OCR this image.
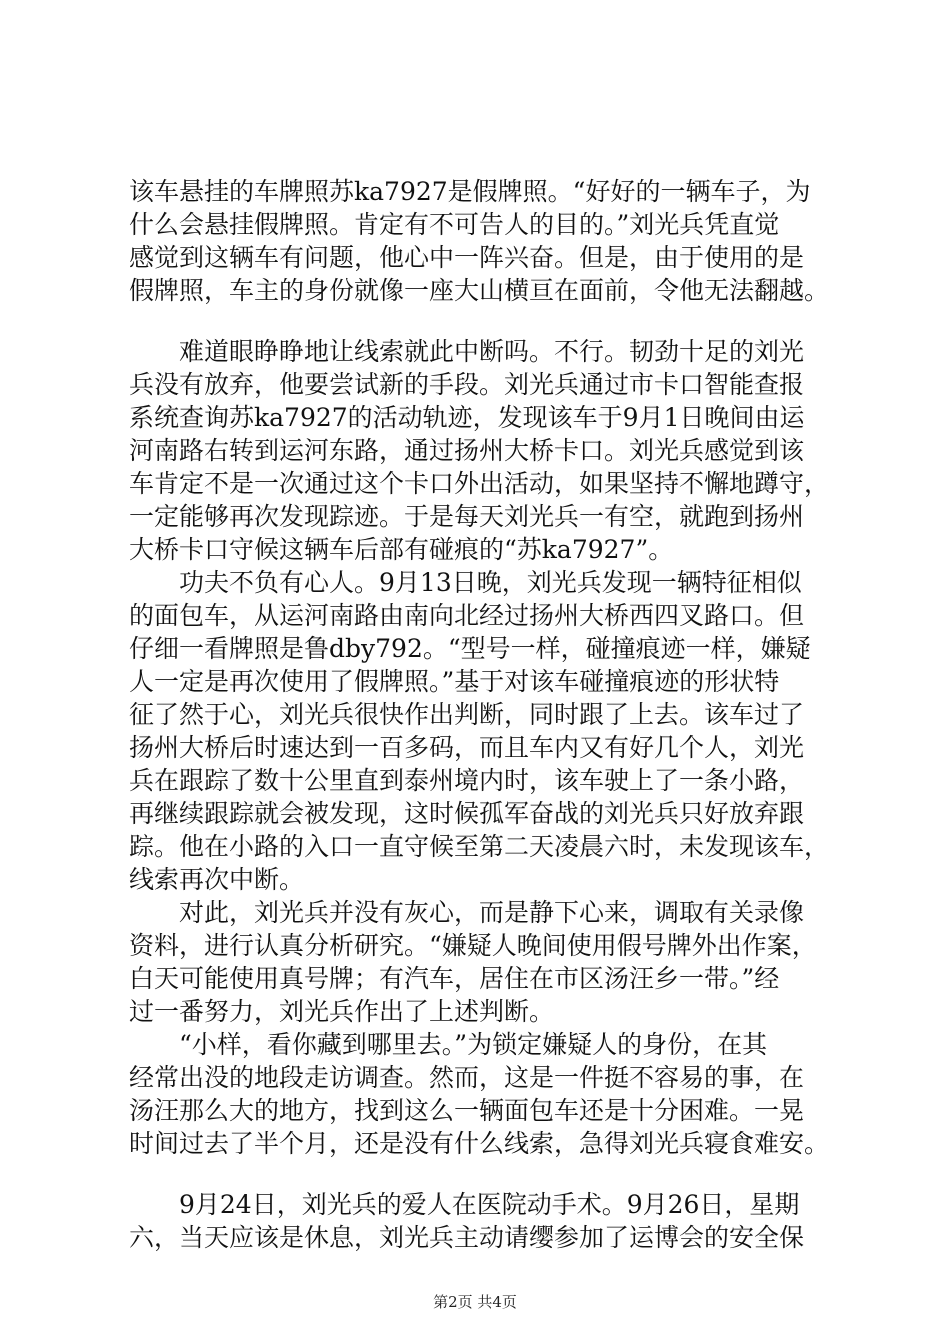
该车悬挂的车牌照苏ka7927是假牌照。“好好的一辆车子，为
什么会悬挂假牌照。肯定有不可告人的目的。”刘光兵凭直觉
感觉到这辆车有问题，他心中一阵兴奋。但是，由于使用的是
假牌照，车主的身份就像一座大山横亘在面前，令他无法翻越。
　　难道眼睁睁地让线索就此中断吗。不行。韧劲十足的刘光
兵没有放弃，他要尝试新的手段。刘光兵通过市卡口智能查报
系统查询苏ka7927的活动轨迹，发现该车于9月1日晚间由运
河南路右转到运河东路，通过扬州大桥卡口。刘光兵感觉到该
车肯定不是一次通过这个卡口外出活动，如果坚持不懈地蹲守，
一定能够再次发现踪迹。于是每天刘光兵一有空，就跑到扬州
大桥卡口守候这辆车后部有碰痕的“苏ka7927”。
　　功夫不负有心人。9月13日晚，刘光兵发现一辆特征相似
的面包车，从运河南路由南向北经过扬州大桥西四叉路口。但
仔细一看牌照是鲁dby792。“型号一样，碰撞痕迹一样，嫌疑
人一定是再次使用了假牌照。”基于对该车碰撞痕迹的形状特
征了然于心，刘光兵很快作出判断，同时跟了上去。该车过了
扬州大桥后时速达到一百多码，而且车内又有好几个人，刘光
兵在跟踪了数十公里直到泰州境内时，该车驶上了一条小路，
再继续跟踪就会被发现，这时候孤军奋战的刘光兵只好放弃跟
踪。他在小路的入口一直守候至第二天凌晨六时，未发现该车，
线索再次中断。
　　对此，刘光兵并没有灰心，而是静下心来，调取有关录像
资料，进行认真分析研究。“嫌疑人晚间使用假号牌外出作案，
白天可能使用真号牌；有汽车，居住在市区汤汪乡一带。”经
过一番努力，刘光兵作出了上述判断。
　　“小样，看你藏到哪里去。”为锁定嫌疑人的身份，在其
经常出没的地段走访调查。然而，这是一件挺不容易的事，在
汤汪那么大的地方，找到这么一辆面包车还是十分困难。一晃
时间过去了半个月，还是没有什么线索，急得刘光兵寝食难安。
　　9月24日，刘光兵的爱人在医院动手术。9月26日，星期
六，当天应该是休息，刘光兵主动请缨参加了运博会的安全保
第2页 共4页
